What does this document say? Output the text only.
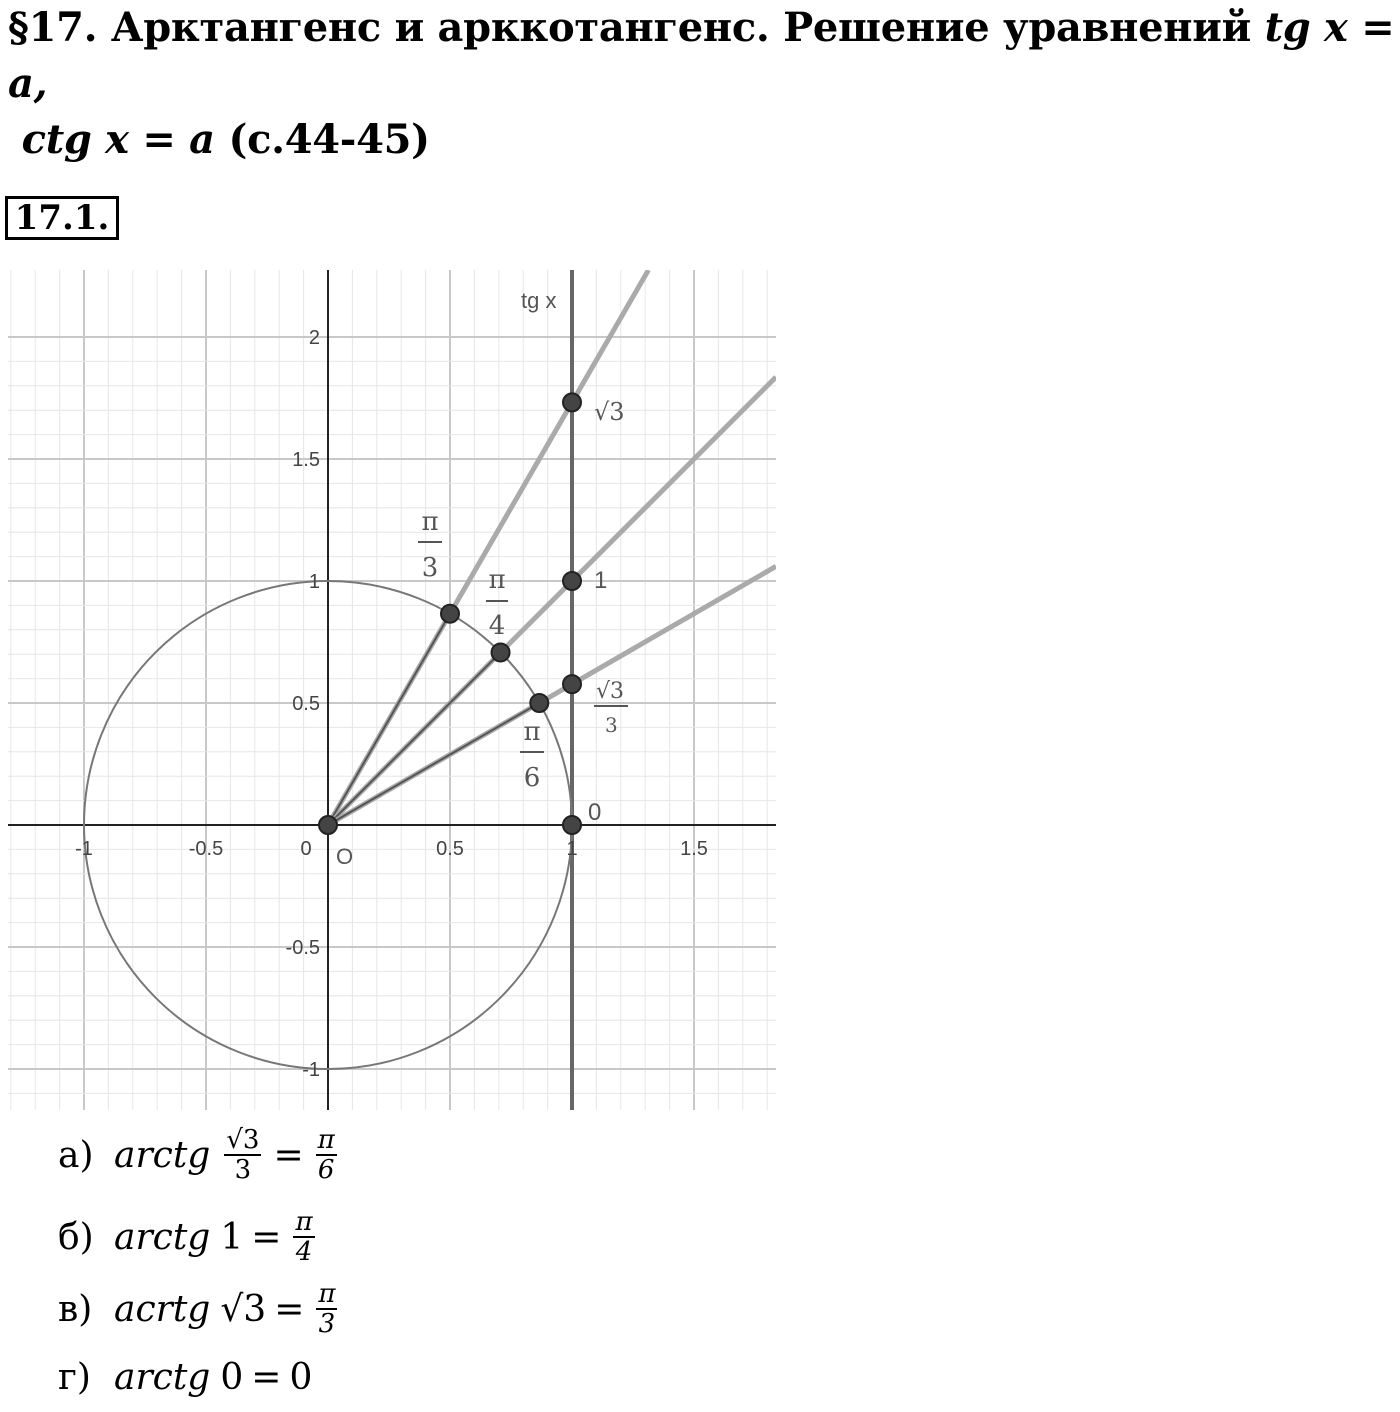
§17. Арктангенс и арккотангенс. Решение уравнений tg x = a,
ctg x = a (с.44-45)
17.1.
-1	-0.5	0	0.5	1	1.5
2
1.5
1
0.5
-0.5
-1
tg x
O
π
3 π
4
π
6
√3
1
√3
3
0
а) arctg $\frac{√3}{3} = \frac{\pi}{6}$
б) arctg $1 = \frac{\pi}{4}$
в) acrtg $√3 = \frac{\pi}{3}$
г) arctg 0 = 0
